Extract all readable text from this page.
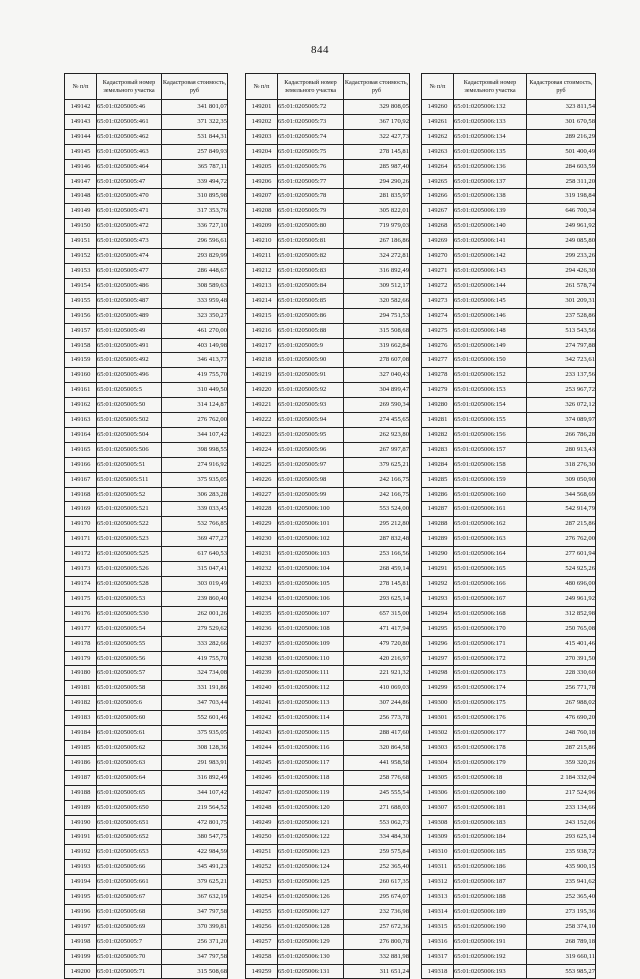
844
№ п/п	Кадастровый номер земельного участка	Кадастровая стоимость, руб
149142	65:01:0205005:46	341 801,07
149143	65:01:0205005:461	371 322,35
149144	65:01:0205005:462	531 844,31
149145	65:01:0205005:463	257 849,93
149146	65:01:0205005:464	365 787,11
149147	65:01:0205005:47	339 494,72
149148	65:01:0205005:470	310 895,98
149149	65:01:0205005:471	317 353,76
149150	65:01:0205005:472	336 727,10
149151	65:01:0205005:473	296 596,61
149152	65:01:0205005:474	293 829,99
149153	65:01:0205005:477	286 448,67
149154	65:01:0205005:486	308 589,63
149155	65:01:0205005:487	333 959,48
149156	65:01:0205005:489	323 350,27
149157	65:01:0205005:49	461 270,00
149158	65:01:0205005:491	403 149,98
149159	65:01:0205005:492	346 413,77
149160	65:01:0205005:496	419 755,70
149161	65:01:0205005:5	310 449,50
149162	65:01:0205005:50	314 124,87
149163	65:01:0205005:502	276 762,00
149164	65:01:0205005:504	344 107,42
149165	65:01:0205005:506	398 998,55
149166	65:01:0205005:51	274 916,92
149167	65:01:0205005:511	375 935,05
149168	65:01:0205005:52	306 283,28
149169	65:01:0205005:521	339 033,45
149170	65:01:0205005:522	532 766,85
149171	65:01:0205005:523	369 477,27
149172	65:01:0205005:525	617 640,53
149173	65:01:0205005:526	315 047,41
149174	65:01:0205005:528	303 019,49
149175	65:01:0205005:53	239 860,40
149176	65:01:0205005:530	262 001,26
149177	65:01:0205005:54	279 529,62
149178	65:01:0205005:55	333 282,66
149179	65:01:0205005:56	419 755,70
149180	65:01:0205005:57	324 734,08
149181	65:01:0205005:58	331 191,86
149182	65:01:0205005:6	347 703,44
149183	65:01:0205005:60	552 601,46
149184	65:01:0205005:61	375 935,05
149185	65:01:0205005:62	308 128,36
149186	65:01:0205005:63	291 983,91
149187	65:01:0205005:64	316 892,49
149188	65:01:0205005:65	344 107,42
149189	65:01:0205005:650	219 564,52
149190	65:01:0205005:651	472 801,75
149191	65:01:0205005:652	380 547,75
149192	65:01:0205005:653	422 984,59
149193	65:01:0205005:66	345 491,23
149194	65:01:0205005:661	379 625,21
149195	65:01:0205005:67	367 632,19
149196	65:01:0205005:68	347 797,58
149197	65:01:0205005:69	370 399,81
149198	65:01:0205005:7	256 371,20
149199	65:01:0205005:70	347 797,58
149200	65:01:0205005:71	315 508,68
№ п/п	Кадастровый номер земельного участка	Кадастровая стоимость, руб
149201	65:01:0205005:72	329 808,05
149202	65:01:0205005:73	367 170,92
149203	65:01:0205005:74	322 427,73
149204	65:01:0205005:75	278 145,81
149205	65:01:0205005:76	285 987,40
149206	65:01:0205005:77	294 290,26
149207	65:01:0205005:78	281 835,97
149208	65:01:0205005:79	305 822,01
149209	65:01:0205005:80	719 979,03
149210	65:01:0205005:81	267 186,86
149211	65:01:0205005:82	324 272,81
149212	65:01:0205005:83	316 892,49
149213	65:01:0205005:84	309 512,17
149214	65:01:0205005:85	320 582,66
149215	65:01:0205005:86	294 751,53
149216	65:01:0205005:88	315 508,68
149217	65:01:0205005:9	319 662,84
149218	65:01:0205005:90	278 607,08
149219	65:01:0205005:91	327 040,43
149220	65:01:0205005:92	304 899,47
149221	65:01:0205005:93	269 590,34
149222	65:01:0205005:94	274 455,65
149223	65:01:0205005:95	262 923,80
149224	65:01:0205005:96	267 997,87
149225	65:01:0205005:97	379 625,21
149226	65:01:0205005:98	242 166,75
149227	65:01:0205005:99	242 166,75
149228	65:01:0205006:100	553 524,00
149229	65:01:0205006:101	295 212,80
149230	65:01:0205006:102	287 832,48
149231	65:01:0205006:103	253 166,56
149232	65:01:0205006:104	268 459,14
149233	65:01:0205006:105	278 145,81
149234	65:01:0205006:106	293 625,14
149235	65:01:0205006:107	657 315,00
149236	65:01:0205006:108	471 417,94
149237	65:01:0205006:109	479 720,80
149238	65:01:0205006:110	420 216,97
149239	65:01:0205006:111	221 921,32
149240	65:01:0205006:112	410 069,03
149241	65:01:0205006:113	307 244,86
149242	65:01:0205006:114	256 773,78
149243	65:01:0205006:115	288 417,60
149244	65:01:0205006:116	320 864,58
149245	65:01:0205006:117	441 958,58
149246	65:01:0205006:118	258 776,68
149247	65:01:0205006:119	245 555,54
149248	65:01:0205006:120	271 688,03
149249	65:01:0205006:121	553 062,73
149250	65:01:0205006:122	334 484,30
149251	65:01:0205006:123	259 575,84
149252	65:01:0205006:124	252 365,40
149253	65:01:0205006:125	260 617,35
149254	65:01:0205006:126	295 674,07
149255	65:01:0205006:127	232 736,98
149256	65:01:0205006:128	257 672,36
149257	65:01:0205006:129	276 800,78
149258	65:01:0205006:130	332 881,98
149259	65:01:0205006:131	311 651,24
№ п/п	Кадастровый номер земельного участка	Кадастровая стоимость, руб
149260	65:01:0205006:132	323 811,54
149261	65:01:0205006:133	301 670,58
149262	65:01:0205006:134	289 216,29
149263	65:01:0205006:135	501 400,49
149264	65:01:0205006:136	284 603,59
149265	65:01:0205006:137	258 311,20
149266	65:01:0205006:138	319 198,84
149267	65:01:0205006:139	646 700,34
149268	65:01:0205006:140	249 961,92
149269	65:01:0205006:141	249 085,80
149270	65:01:0205006:142	299 233,26
149271	65:01:0205006:143	294 426,30
149272	65:01:0205006:144	261 578,74
149273	65:01:0205006:145	301 209,31
149274	65:01:0205006:146	237 528,86
149275	65:01:0205006:148	513 543,56
149276	65:01:0205006:149	274 797,88
149277	65:01:0205006:150	342 723,61
149278	65:01:0205006:152	233 137,56
149279	65:01:0205006:153	253 967,72
149280	65:01:0205006:154	326 072,12
149281	65:01:0205006:155	374 089,97
149282	65:01:0205006:156	266 786,28
149283	65:01:0205006:157	280 913,43
149284	65:01:0205006:158	318 276,30
149285	65:01:0205006:159	309 050,90
149286	65:01:0205006:160	344 568,69
149287	65:01:0205006:161	542 914,79
149288	65:01:0205006:162	287 215,86
149289	65:01:0205006:163	276 762,00
149290	65:01:0205006:164	277 601,94
149291	65:01:0205006:165	524 925,26
149292	65:01:0205006:166	480 696,00
149293	65:01:0205006:167	249 961,92
149294	65:01:0205006:168	312 852,98
149295	65:01:0205006:170	250 765,08
149296	65:01:0205006:171	415 401,46
149297	65:01:0205006:172	270 391,50
149298	65:01:0205006:173	228 330,60
149299	65:01:0205006:174	256 771,78
149300	65:01:0205006:175	267 988,02
149301	65:01:0205006:176	476 690,20
149302	65:01:0205006:177	248 760,18
149303	65:01:0205006:178	287 215,86
149304	65:01:0205006:179	359 320,26
149305	65:01:0205006:18	2 184 332,04
149306	65:01:0205006:180	217 524,96
149307	65:01:0205006:181	233 134,66
149308	65:01:0205006:183	243 152,06
149309	65:01:0205006:184	293 625,14
149310	65:01:0205006:185	235 938,72
149311	65:01:0205006:186	435 900,15
149312	65:01:0205006:187	235 941,62
149313	65:01:0205006:188	252 365,40
149314	65:01:0205006:189	273 195,36
149315	65:01:0205006:190	258 374,10
149316	65:01:0205006:191	268 789,18
149317	65:01:0205006:192	319 660,11
149318	65:01:0205006:193	553 985,27
